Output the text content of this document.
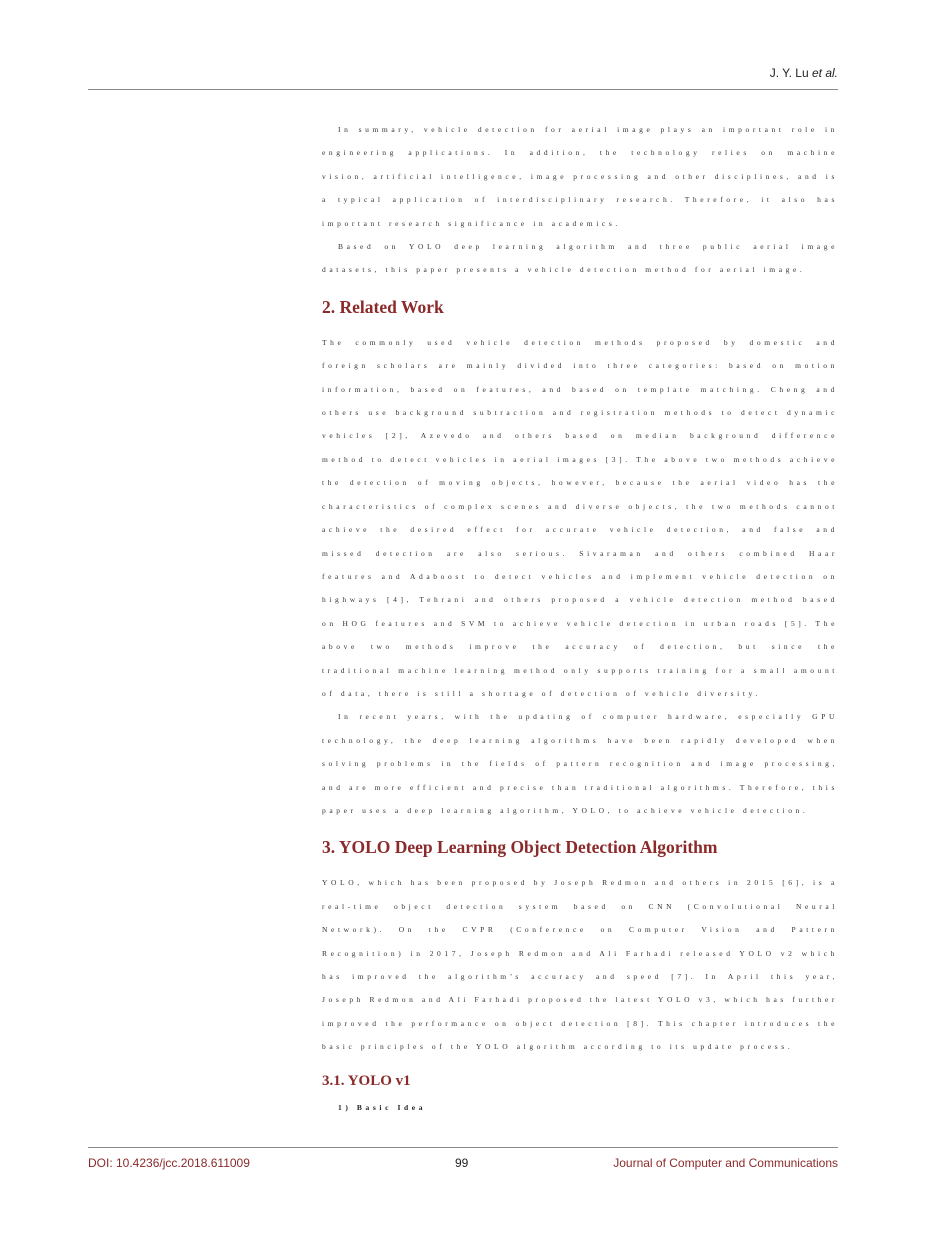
J. Y. Lu et al.

In summary, vehicle detection for aerial image plays an important role in engineering applications. In addition, the technology relies on machine vision, artificial intelligence, image processing and other disciplines, and is a typical application of interdisciplinary research. Therefore, it also has important research significance in academics.

Based on YOLO deep learning algorithm and three public aerial image datasets, this paper presents a vehicle detection method for aerial image.

2. Related Work

The commonly used vehicle detection methods proposed by domestic and foreign scholars are mainly divided into three categories: based on motion information, based on features, and based on template matching. Cheng and others use background subtraction and registration methods to detect dynamic vehicles [2], Azevedo and others based on median background difference method to detect vehicles in aerial images [3]. The above two methods achieve the detection of moving objects, however, because the aerial video has the characteristics of complex scenes and diverse objects, the two methods cannot achieve the desired effect for accurate vehicle detection, and false and missed detection are also serious. Sivaraman and others combined Haar features and Adaboost to detect vehicles and implement vehicle detection on highways [4], Tehrani and others proposed a vehicle detection method based on HOG features and SVM to achieve vehicle detection in urban roads [5]. The above two methods improve the accuracy of detection, but since the traditional machine learning method only supports training for a small amount of data, there is still a shortage of detection of vehicle diversity.

In recent years, with the updating of computer hardware, especially GPU technology, the deep learning algorithms have been rapidly developed when solving problems in the fields of pattern recognition and image processing, and are more efficient and precise than traditional algorithms. Therefore, this paper uses a deep learning algorithm, YOLO, to achieve vehicle detection.

3. YOLO Deep Learning Object Detection Algorithm

YOLO, which has been proposed by Joseph Redmon and others in 2015 [6], is a real-time object detection system based on CNN (Convolutional Neural Network). On the CVPR (Conference on Computer Vision and Pattern Recognition) in 2017, Joseph Redmon and Ali Farhadi released YOLO v2 which has improved the algorithm’s accuracy and speed [7]. In April this year, Joseph Redmon and Ali Farhadi proposed the latest YOLO v3, which has further improved the performance on object detection [8]. This chapter introduces the basic principles of the YOLO algorithm according to its update process.

3.1. YOLO v1

1) Basic Idea

DOI: 10.4236/jcc.2018.611009	99	Journal of Computer and Communications
